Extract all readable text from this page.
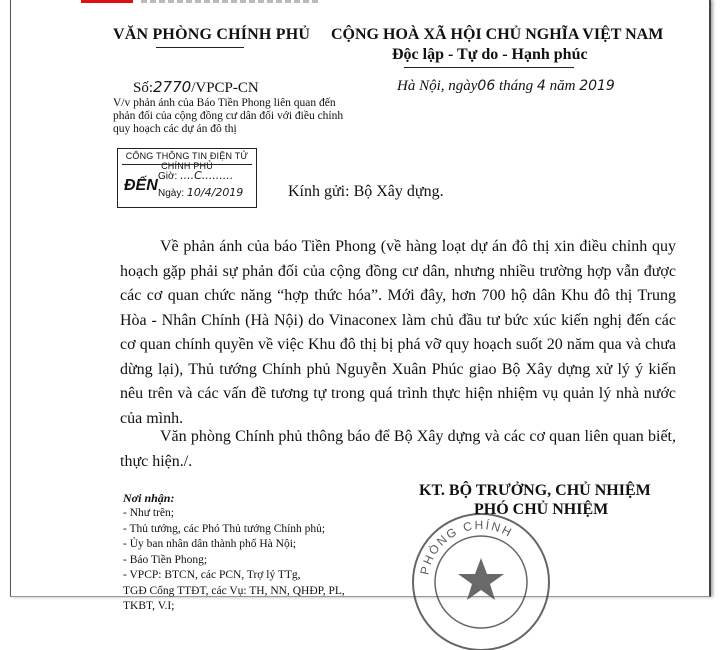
VĂN PHÒNG CHÍNH PHỦ CỘNG HOÀ XÃ HỘI CHỦ NGHĨA VIỆT NAM
Độc lập - Tự do - Hạnh phúc
Số:2770/VPCP-CN
V/v phản ánh của Báo Tiền Phong liên quan đến phản đối của cộng đồng cư dân đối với điều chỉnh quy hoạch các dự án đô thị
Hà Nội, ngày06 tháng 4 năm 2019
CỔNG THÔNG TIN ĐIỆN TỬ CHÍNH PHỦ
ĐẾN
Giờ: ....C.........
Ngày: 10/4/2019	Kính gửi: Bộ Xây dựng.
Về phản ánh của báo Tiền Phong (về hàng loạt dự án đô thị xin điều chỉnh quy hoạch gặp phải sự phản đối của cộng đồng cư dân, nhưng nhiều trường hợp vẫn được các cơ quan chức năng “hợp thức hóa”. Mới đây, hơn 700 hộ dân Khu đô thị Trung Hòa - Nhân Chính (Hà Nội) do Vinaconex làm chủ đầu tư bức xúc kiến nghị đến các cơ quan chính quyền về việc Khu đô thị bị phá vỡ quy hoạch suốt 20 năm qua và chưa dừng lại), Thủ tướng Chính phủ Nguyễn Xuân Phúc giao Bộ Xây dựng xử lý ý kiến nêu trên và các vấn đề tương tự trong quá trình thực hiện nhiệm vụ quản lý nhà nước của mình.
Văn phòng Chính phủ thông báo để Bộ Xây dựng và các cơ quan liên quan biết, thực hiện./.
Nơi nhận:
- Như trên;
- Thủ tướng, các Phó Thủ tướng Chính phủ;
- Ủy ban nhân dân thành phố Hà Nội;
- Báo Tiền Phong;
- VPCP: BTCN, các PCN, Trợ lý TTg,
TGĐ Cổng TTĐT, các Vụ: TH, NN, QHĐP, PL,
TKBT, V.I;
PHÒNG CHÍNH
KT. BỘ TRƯỞNG, CHỦ NHIỆM
PHÓ CHỦ NHIỆM
